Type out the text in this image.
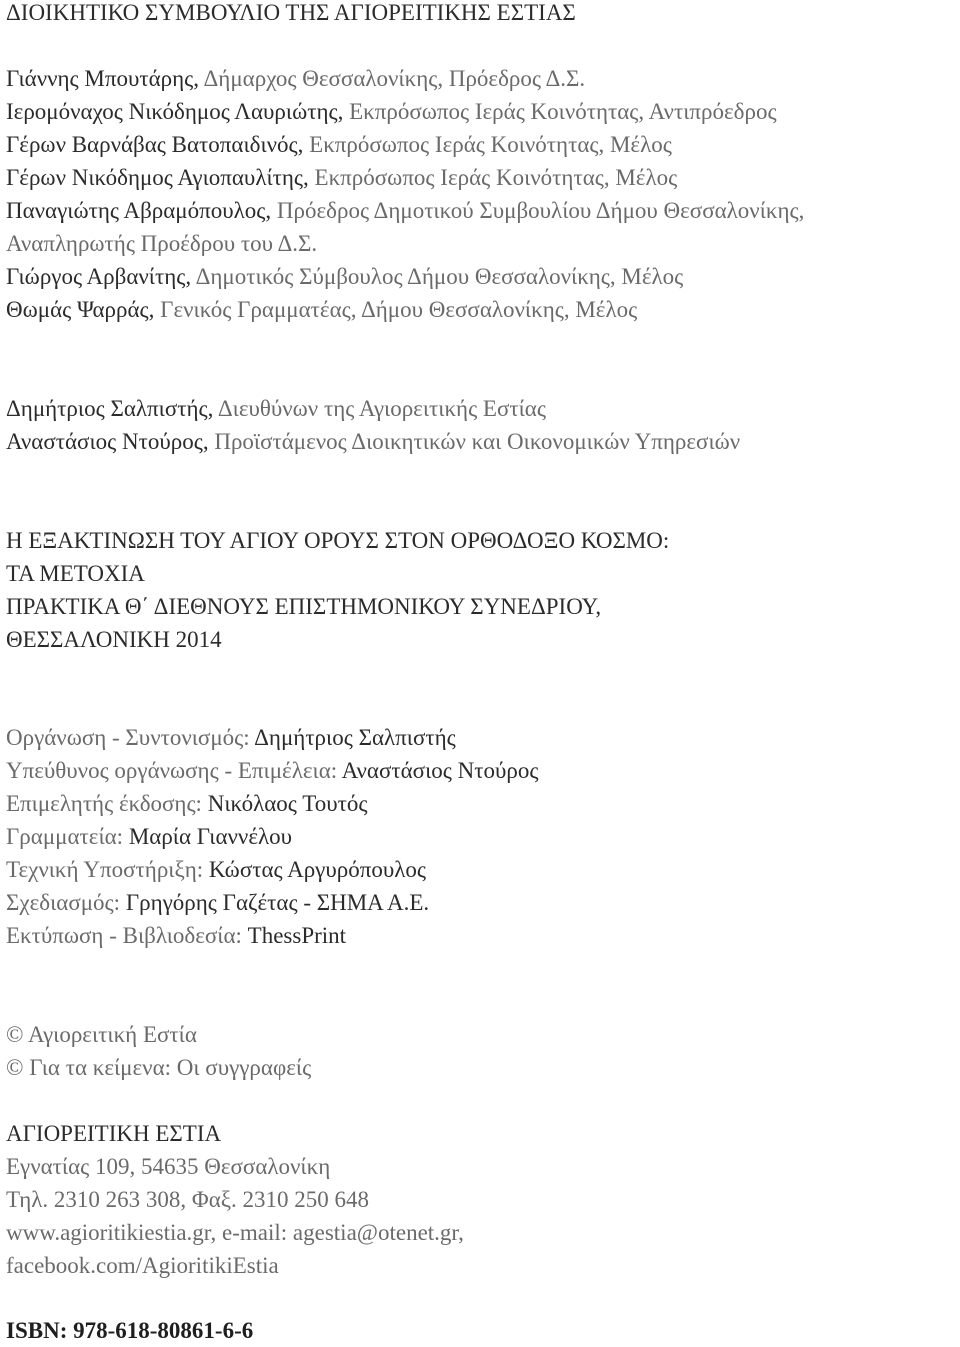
ΔΙΟΙΚΗΤΙΚΟ ΣΥΜΒΟΥΛΙΟ ΤΗΣ ΑΓΙΟΡΕΙΤΙΚΗΣ ΕΣΤΙΑΣ
Γιάννης Μπουτάρης, Δήμαρχος Θεσσαλονίκης, Πρόεδρος Δ.Σ.
Ιερομόναχος Νικόδημος Λαυριώτης, Εκπρόσωπος Ιεράς Κοινότητας, Αντιπρόεδρος
Γέρων Βαρνάβας Βατοπαιδινός, Εκπρόσωπος Ιεράς Κοινότητας, Μέλος
Γέρων Νικόδημος Αγιοπαυλίτης, Εκπρόσωπος Ιεράς Κοινότητας, Μέλος
Παναγιώτης Αβραμόπουλος, Πρόεδρος Δημοτικού Συμβουλίου Δήμου Θεσσαλονίκης,
Αναπληρωτής Προέδρου του Δ.Σ.
Γιώργος Αρβανίτης, Δημοτικός Σύμβουλος Δήμου Θεσσαλονίκης, Μέλος
Θωμάς Ψαρράς, Γενικός Γραμματέας, Δήμου Θεσσαλονίκης, Μέλος
Δημήτριος Σαλπιστής, Διευθύνων της Αγιορειτικής Εστίας
Αναστάσιος Ντούρος, Προϊστάμενος Διοικητικών και Οικονομικών Υπηρεσιών
Η ΕΞΑΚΤΙΝΩΣΗ ΤΟΥ ΑΓΙΟΥ ΟΡΟΥΣ ΣΤΟΝ ΟΡΘΟΔΟΞΟ ΚΟΣΜΟ:
ΤΑ ΜΕΤΟΧΙΑ
ΠΡΑΚΤΙΚΑ Θ΄ ΔΙΕΘΝΟΥΣ ΕΠΙΣΤΗΜΟΝΙΚΟΥ ΣΥΝΕΔΡΙΟΥ,
ΘΕΣΣΑΛΟΝΙΚΗ 2014
Οργάνωση - Συντονισμός: Δημήτριος Σαλπιστής
Υπεύθυνος οργάνωσης - Επιμέλεια: Αναστάσιος Ντούρος
Επιμελητής έκδοσης: Νικόλαος Τουτός
Γραμματεία: Μαρία Γιαννέλου
Τεχνική Υποστήριξη: Κώστας Αργυρόπουλος
Σχεδιασμός: Γρηγόρης Γαζέτας - ΣΗΜΑ Α.Ε.
Εκτύπωση - Βιβλιοδεσία: ThessPrint
© Αγιορειτική Εστία
© Για τα κείμενα: Οι συγγραφείς
ΑΓΙΟΡΕΙΤΙΚΗ ΕΣΤΙΑ
Εγνατίας 109, 54635 Θεσσαλονίκη
Τηλ. 2310 263 308, Φαξ. 2310 250 648
www.agioritikiestia.gr, e-mail: agestia@otenet.gr,
facebook.com/AgioritikiEstia
ISBN: 978-618-80861-6-6
